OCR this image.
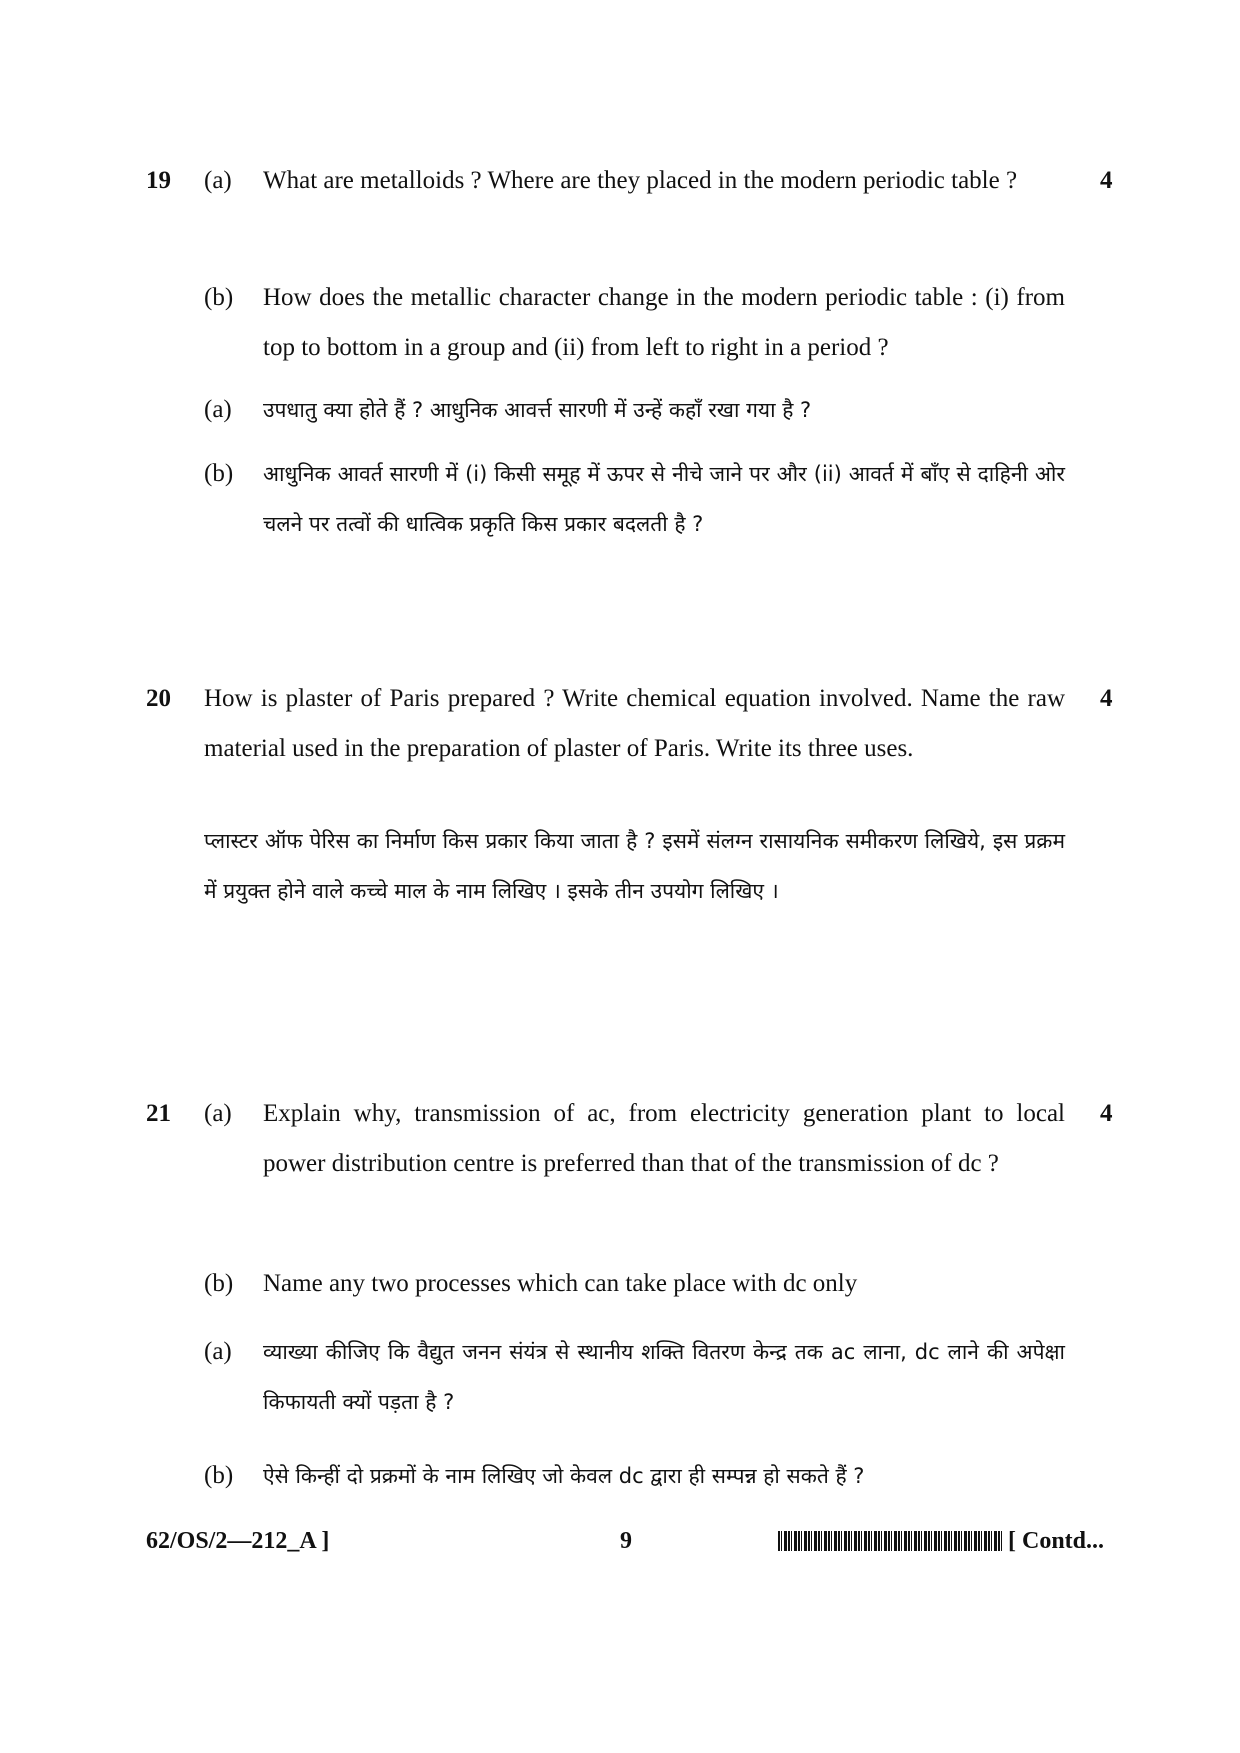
19	4
(a) What are metalloids ? Where are they placed in the modern periodic table ?
(b) How does the metallic character change in the modern periodic table : (i) from top to bottom in a group and (ii) from left to right in a period ?
(a) उपधातु क्या होते हैं ? आधुनिक आवर्त्त सारणी में उन्हें कहाँ रखा गया है ?
(b) आधुनिक आवर्त सारणी में (i) किसी समूह में ऊपर से नीचे जाने पर और (ii) आवर्त में बाँए से दाहिनी ओर चलने पर तत्वों की धात्विक प्रकृति किस प्रकार बदलती है ?
20	4
How is plaster of Paris prepared ? Write chemical equation involved. Name the raw material used in the preparation of plaster of Paris. Write its three uses.
प्लास्टर ऑफ पेरिस का निर्माण किस प्रकार किया जाता है ? इसमें संलग्न रासायनिक समीकरण लिखिये, इस प्रक्रम में प्रयुक्त होने वाले कच्चे माल के नाम लिखिए । इसके तीन उपयोग लिखिए ।
21	4
(a) Explain why, transmission of ac, from electricity generation plant to local power distribution centre is preferred than that of the transmission of dc ?
(b) Name any two processes which can take place with dc only
(a) व्याख्या कीजिए कि वैद्युत जनन संयंत्र से स्थानीय शक्ति वितरण केन्द्र तक ac लाना, dc लाने की अपेक्षा किफायती क्यों पड़ता है ?
(b) ऐसे किन्हीं दो प्रक्रमों के नाम लिखिए जो केवल dc द्वारा ही सम्पन्न हो सकते हैं ?
62/OS/2—212_A ]	9	[ Contd...
